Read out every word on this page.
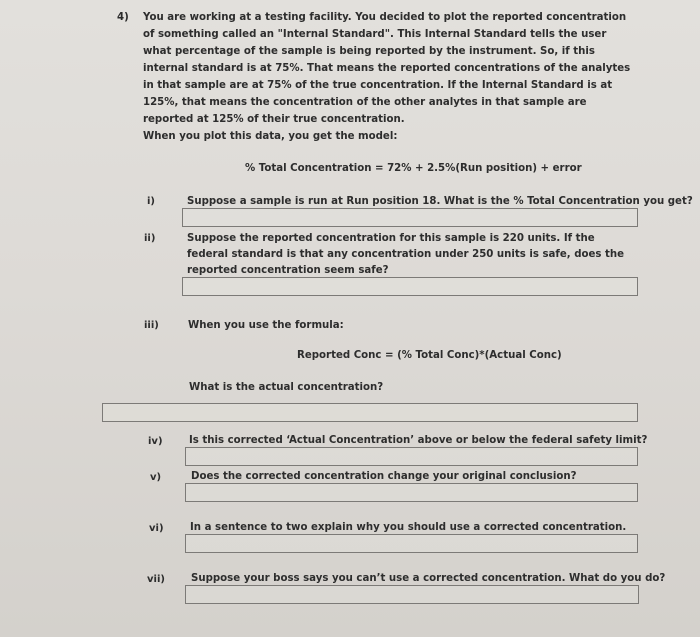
4) You are working at a testing facility. You decided to plot the reported concentration of something called an "Internal Standard". This Internal Standard tells the user what percentage of the sample is being reported by the instrument. So, if this internal standard is at 75%. That means the reported concentrations of the analytes in that sample are at 75% of the true concentration. If the Internal Standard is at 125%, that means the concentration of the other analytes in that sample are reported at 125% of their true concentration.
When you plot this data, you get the model:
% Total Concentration = 72% + 2.5%(Run position) + error
i)	Suppose a sample is run at Run position 18. What is the % Total Concentration you get?
ii)	Suppose the reported concentration for this sample is 220 units. If the federal standard is that any concentration under 250 units is safe, does the reported concentration seem safe?
iii)	When you use the formula:
Reported Conc = (% Total Conc)*(Actual Conc)
What is the actual concentration?
iv)	Is this corrected ‘Actual Concentration’ above or below the federal safety limit?
v)	Does the corrected concentration change your original conclusion?
vi)	In a sentence to two explain why you should use a corrected concentration.
vii)	Suppose your boss says you can’t use a corrected concentration. What do you do?
